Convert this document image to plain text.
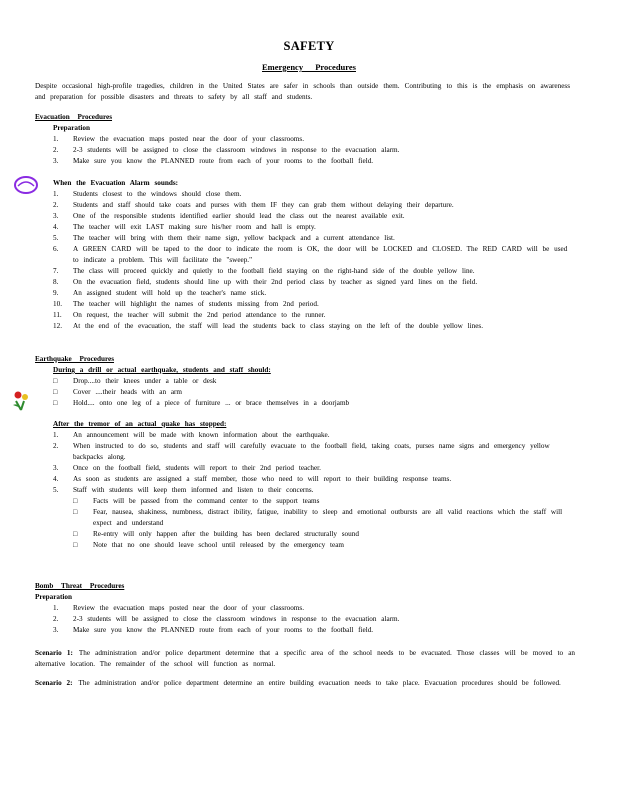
SAFETY
Emergency Procedures
Despite occasional high-profile tragedies, children in the United States are safer in schools than outside them. Contributing to this is the emphasis on awareness and preparation for possible disasters and threats to safety by all staff and students.
Evacuation Procedures
Preparation
1.	Review the evacuation maps posted near the door of your classrooms.
2.	2-3 students will be assigned to close the classroom windows in response to the evacuation alarm.
3.	Make sure you know the PLANNED route from each of your rooms to the football field.
When the Evacuation Alarm sounds:
1.	Students closest to the windows should close them.
2.	Students and staff should take coats and purses with them IF they can grab them without delaying their departure.
3.	One of the responsible students identified earlier should lead the class out the nearest available exit.
4.	The teacher will exit LAST making sure his/her room and hall is empty.
5.	The teacher will bring with them their name sign, yellow backpack and a current attendance list.
6.	A GREEN CARD will be taped to the door to indicate the room is OK, the door will be LOCKED and CLOSED. The RED CARD will be used to indicate a problem. This will facilitate the "sweep."
7.	The class will proceed quickly and quietly to the football field staying on the right-hand side of the double yellow line.
8.	On the evacuation field, students should line up with their 2nd period class by teacher as signed yard lines on the field.
9.	An assigned student will hold up the teacher's name stick.
10.	The teacher will highlight the names of students missing from 2nd period.
11.	On request, the teacher will submit the 2nd period attendance to the runner.
12.	At the end of the evacuation, the staff will lead the students back to class staying on the left of the double yellow lines.
Earthquake Procedures
During a drill or actual earthquake, students and staff should:
□	Drop....to their knees under a table or desk
□	Cover ....their heads with an arm
□	Hold.... onto one leg of a piece of furniture ... or brace themselves in a doorjamb
After the tremor of an actual quake has stopped:
1.	An announcement will be made with known information about the earthquake.
2.	When instructed to do so, students and staff will carefully evacuate to the football field, taking coats, purses name signs and emergency yellow backpacks along.
3.	Once on the football field, students will report to their 2nd period teacher.
4.	As soon as students are assigned a staff member, those who need to will report to their building response teams.
5.	Staff with students will keep them informed and listen to their concerns.
□	Facts will be passed from the command center to the support teams
□	Fear, nausea, shakiness, numbness, distract ibility, fatigue, inability to sleep and emotional outbursts are all valid reactions which the staff will expect and understand
□	Re-entry will only happen after the building has been declared structurally sound
□	Note that no one should leave school until released by the emergency team
Bomb Threat Procedures
Preparation
1.	Review the evacuation maps posted near the door of your classrooms.
2.	2-3 students will be assigned to close the classroom windows in response to the evacuation alarm.
3.	Make sure you know the PLANNED route from each of your rooms to the football field.
Scenario 1: The administration and/or police department determine that a specific area of the school needs to be evacuated. Those classes will be moved to an alternative location. The remainder of the school will function as normal.
Scenario 2: The administration and/or police department determine an entire building evacuation needs to take place. Evacuation procedures should be followed.
